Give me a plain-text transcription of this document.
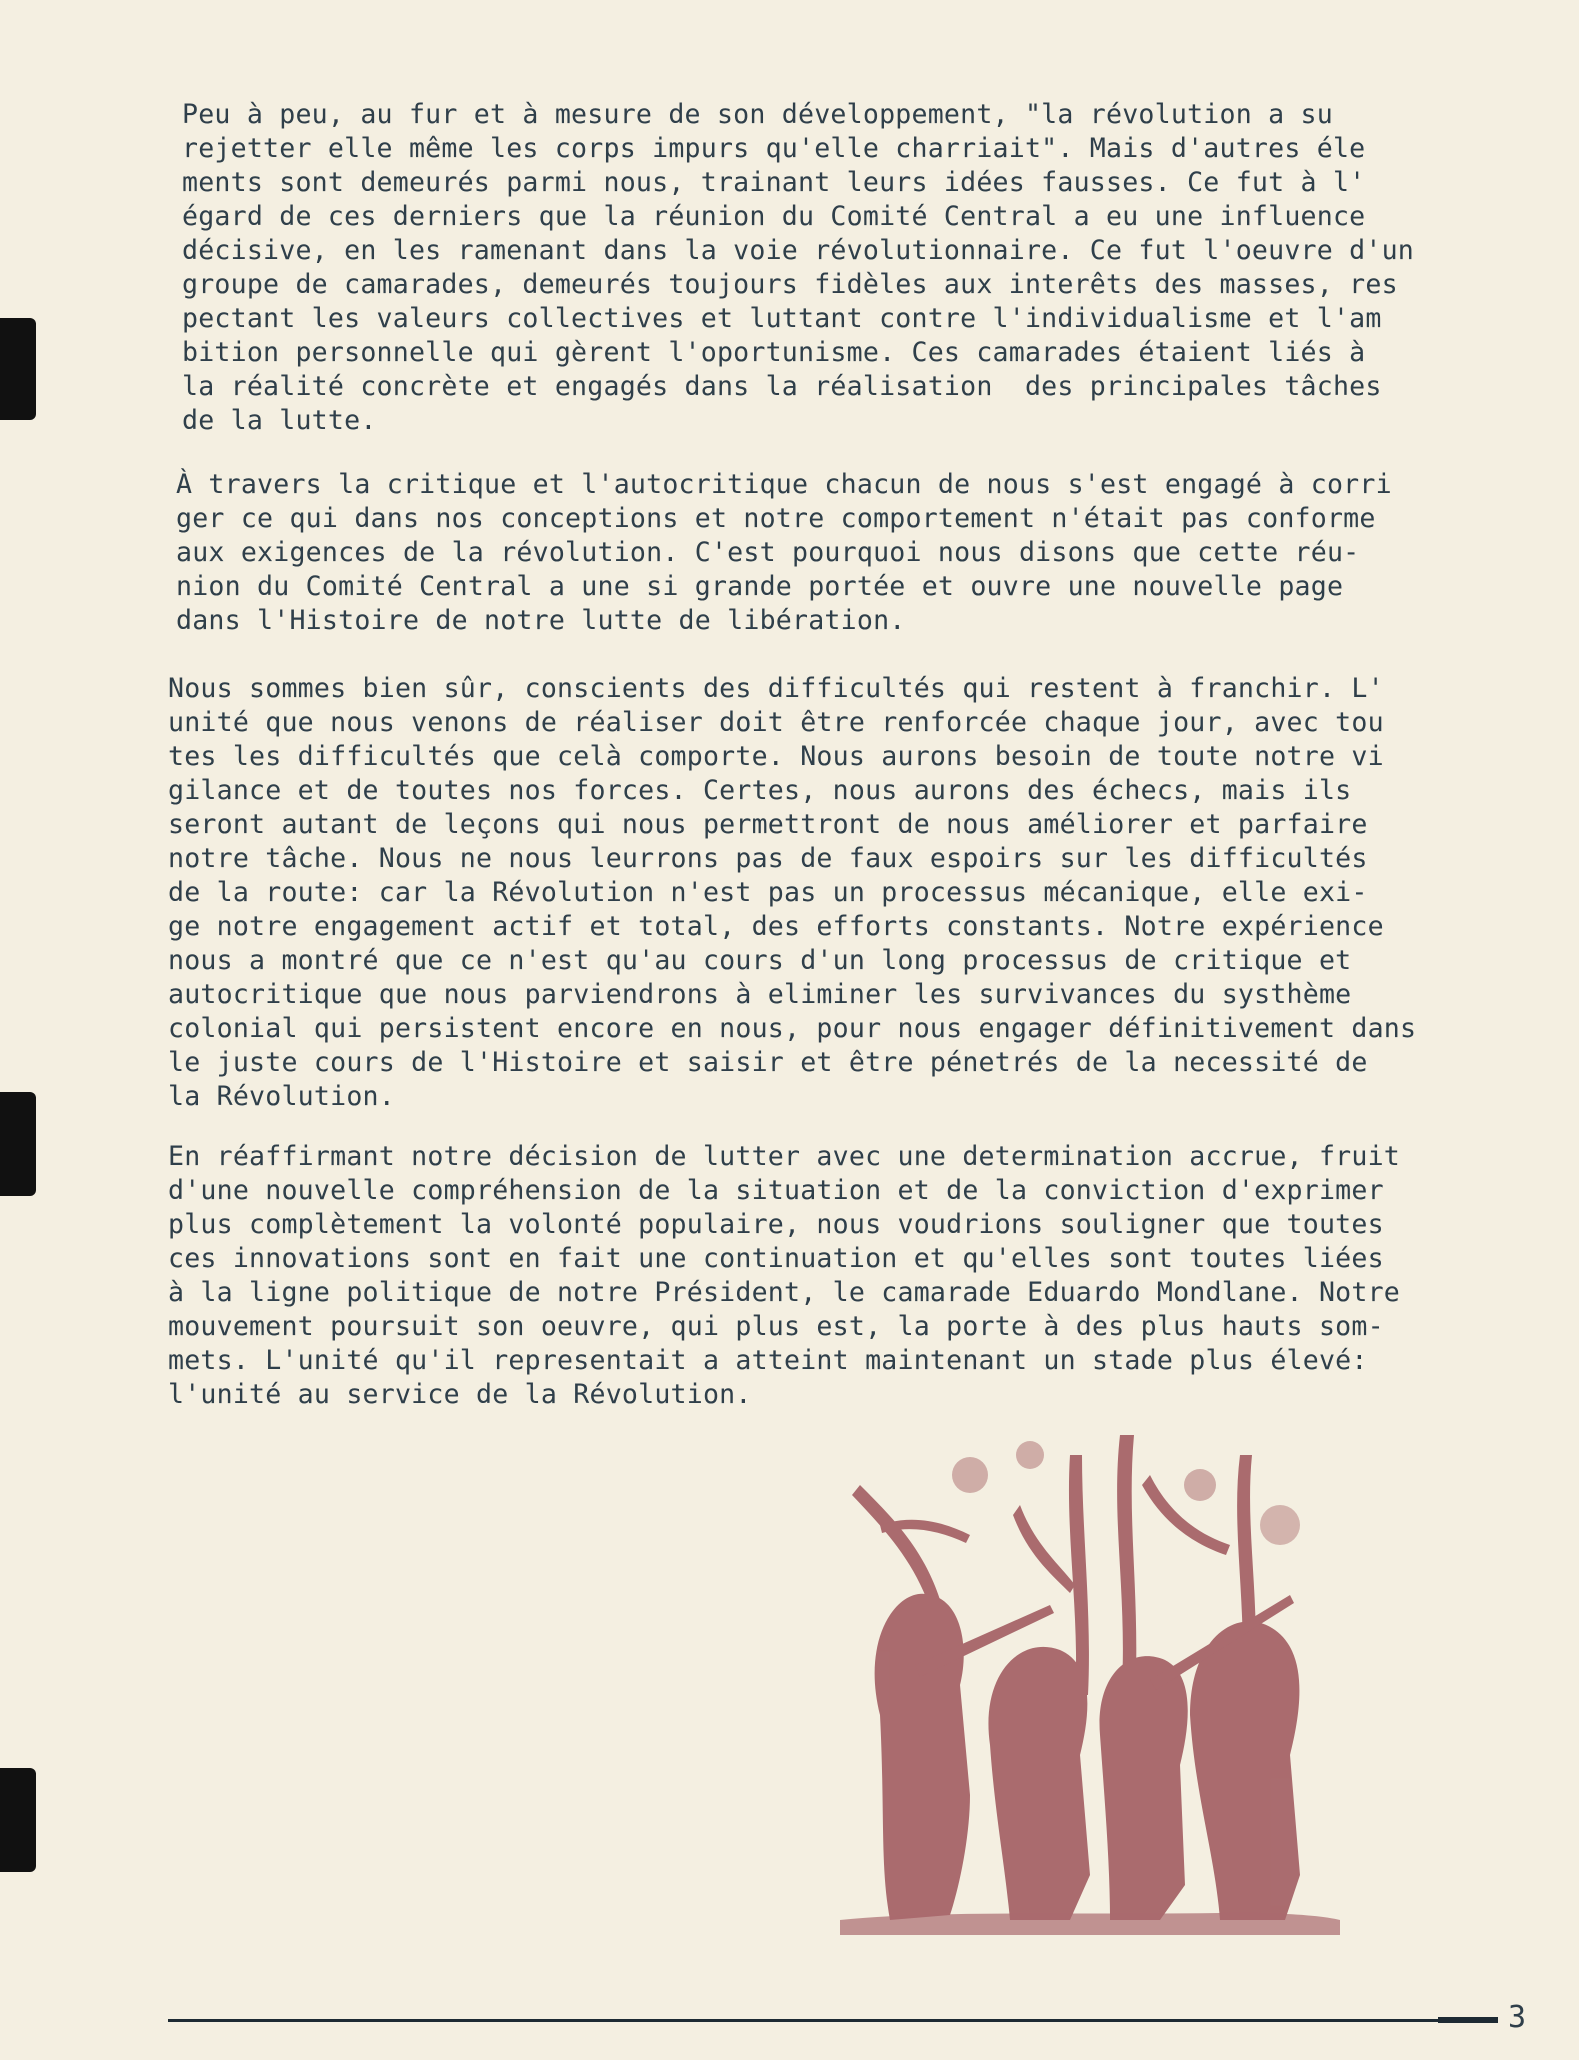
Peu à peu, au fur et à mesure de son développement, "la révolution a su
rejetter elle même les corps impurs qu'elle charriait". Mais d'autres éle
ments sont demeurés parmi nous, trainant leurs idées fausses. Ce fut à l'
égard de ces derniers que la réunion du Comité Central a eu une influence
décisive, en les ramenant dans la voie révolutionnaire. Ce fut l'oeuvre d'un
groupe de camarades, demeurés toujours fidèles aux interêts des masses, res
pectant les valeurs collectives et luttant contre l'individualisme et l'am
bition personnelle qui gèrent l'oportunisme. Ces camarades étaient liés à
la réalité concrète et engagés dans la réalisation  des principales tâches
de la lutte.
À travers la critique et l'autocritique chacun de nous s'est engagé à corri
ger ce qui dans nos conceptions et notre comportement n'était pas conforme
aux exigences de la révolution. C'est pourquoi nous disons que cette réu-
nion du Comité Central a une si grande portée et ouvre une nouvelle page
dans l'Histoire de notre lutte de libération.
Nous sommes bien sûr, conscients des difficultés qui restent à franchir. L'
unité que nous venons de réaliser doit être renforcée chaque jour, avec tou
tes les difficultés que celà comporte. Nous aurons besoin de toute notre vi
gilance et de toutes nos forces. Certes, nous aurons des échecs, mais ils
seront autant de leçons qui nous permettront de nous améliorer et parfaire
notre tâche. Nous ne nous leurrons pas de faux espoirs sur les difficultés
de la route: car la Révolution n'est pas un processus mécanique, elle exi-
ge notre engagement actif et total, des efforts constants. Notre expérience
nous a montré que ce n'est qu'au cours d'un long processus de critique et
autocritique que nous parviendrons à eliminer les survivances du systhème
colonial qui persistent encore en nous, pour nous engager définitivement dans
le juste cours de l'Histoire et saisir et être pénetrés de la necessité de
la Révolution.
En réaffirmant notre décision de lutter avec une determination accrue, fruit
d'une nouvelle compréhension de la situation et de la conviction d'exprimer
plus complètement la volonté populaire, nous voudrions souligner que toutes
ces innovations sont en fait une continuation et qu'elles sont toutes liées
à la ligne politique de notre Président, le camarade Eduardo Mondlane. Notre
mouvement poursuit son oeuvre, qui plus est, la porte à des plus hauts som-
mets. L'unité qu'il representait a atteint maintenant un stade plus élevé:
l'unité au service de la Révolution.
3
